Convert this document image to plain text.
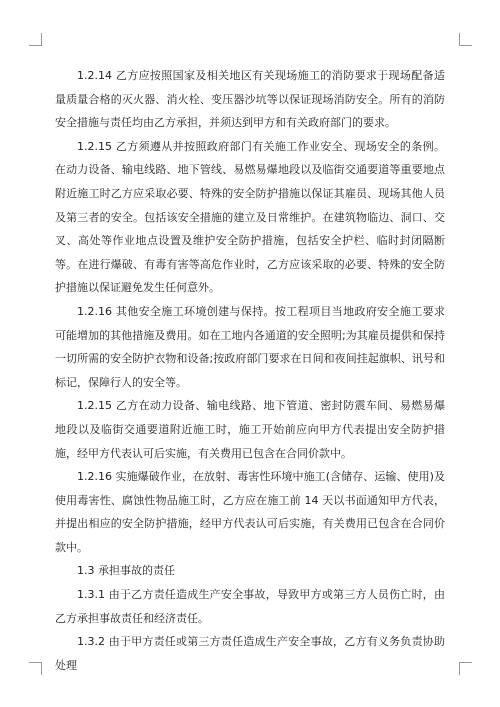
1.2.14 乙方应按照国家及相关地区有关现场施工的消防要求于现场配备适量质量合格的灭火器、消火栓、变压器沙坑等以保证现场消防安全。所有的消防安全措施与责任均由乙方承担，并须达到甲方和有关政府部门的要求。

1.2.15 乙方须遵从并按照政府部门有关施工作业安全、现场安全的条例。在动力设备、输电线路、地下管线、易燃易爆地段以及临街交通要道等重要地点附近施工时乙方应采取必要、特殊的安全防护措施以保证其雇员、现场其他人员及第三者的安全。包括该安全措施的建立及日常维护。在建筑物临边、洞口、交叉、高处等作业地点设置及维护安全防护措施，包括安全护栏、临时封闭隔断等。在进行爆破、有毒有害等高危作业时，乙方应该采取的必要、特殊的安全防护措施以保证避免发生任何意外。

1.2.16 其他安全施工环境创建与保持。按工程项目当地政府安全施工要求可能增加的其他措施及费用。如在工地内各通道的安全照明;为其雇员提供和保持一切所需的安全防护衣物和设备;按政府部门要求在日间和夜间挂起旗帜、讯号和标记，保障行人的安全等。

1.2.15 乙方在动力设备、输电线路、地下管道、密封防震车间、易燃易爆地段以及临街交通要道附近施工时，施工开始前应向甲方代表提出安全防护措施，经甲方代表认可后实施，有关费用已包含在合同价款中。

1.2.16 实施爆破作业，在放射、毒害性环境中施工(含储存、运输、使用)及使用毒害性、腐蚀性物品施工时，乙方应在施工前 14 天以书面通知甲方代表，并提出相应的安全防护措施，经甲方代表认可后实施，有关费用已包含在合同价款中。

1.3 承担事故的责任

1.3.1 由于乙方责任造成生产安全事故，导致甲方或第三方人员伤亡时，由乙方承担事故责任和经济责任。

1.3.2 由于甲方责任或第三方责任造成生产安全事故，乙方有义务负责协助处理
